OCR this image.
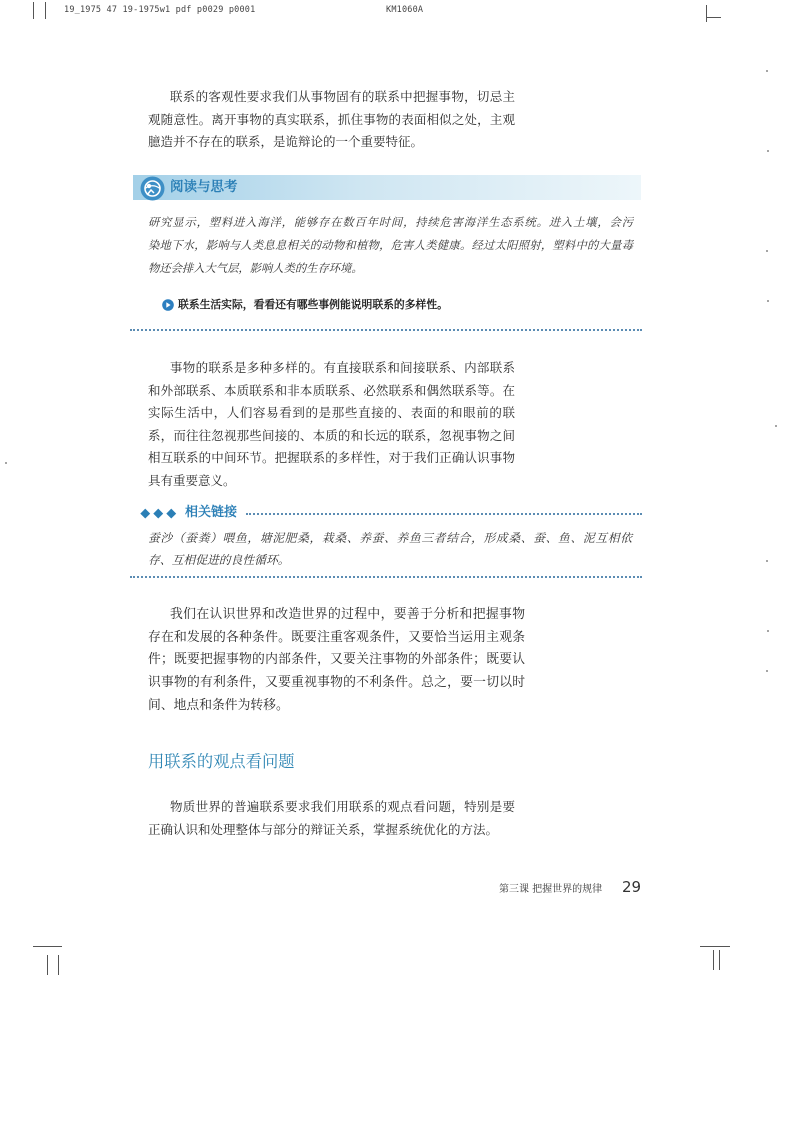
19_1975 47 19-1975w1 pdf p0029 p0001	KM1060A
联系的客观性要求我们从事物固有的联系中把握事物，切忌主
观随意性。离开事物的真实联系，抓住事物的表面相似之处，主观
臆造并不存在的联系，是诡辩论的一个重要特征。
阅读与思考
研究显示，塑料进入海洋，能够存在数百年时间，持续危害海洋生态系统。进入土壤，会污
染地下水，影响与人类息息相关的动物和植物，危害人类健康。经过太阳照射，塑料中的大量毒
物还会排入大气层，影响人类的生存环境。
联系生活实际，看看还有哪些事例能说明联系的多样性。
事物的联系是多种多样的。有直接联系和间接联系、内部联系
和外部联系、本质联系和非本质联系、必然联系和偶然联系等。在
实际生活中，人们容易看到的是那些直接的、表面的和眼前的联
系，而往往忽视那些间接的、本质的和长远的联系，忽视事物之间
相互联系的中间环节。把握联系的多样性，对于我们正确认识事物
具有重要意义。
相关链接
蚕沙（蚕粪）喂鱼，塘泥肥桑，栽桑、养蚕、养鱼三者结合，形成桑、蚕、鱼、泥互相依
存、互相促进的良性循环。
我们在认识世界和改造世界的过程中，要善于分析和把握事物
存在和发展的各种条件。既要注重客观条件，又要恰当运用主观条
件；既要把握事物的内部条件，又要关注事物的外部条件；既要认
识事物的有利条件，又要重视事物的不利条件。总之，要一切以时
间、地点和条件为转移。
用联系的观点看问题
物质世界的普遍联系要求我们用联系的观点看问题，特别是要
正确认识和处理整体与部分的辩证关系，掌握系统优化的方法。
第三课 把握世界的规律 29
